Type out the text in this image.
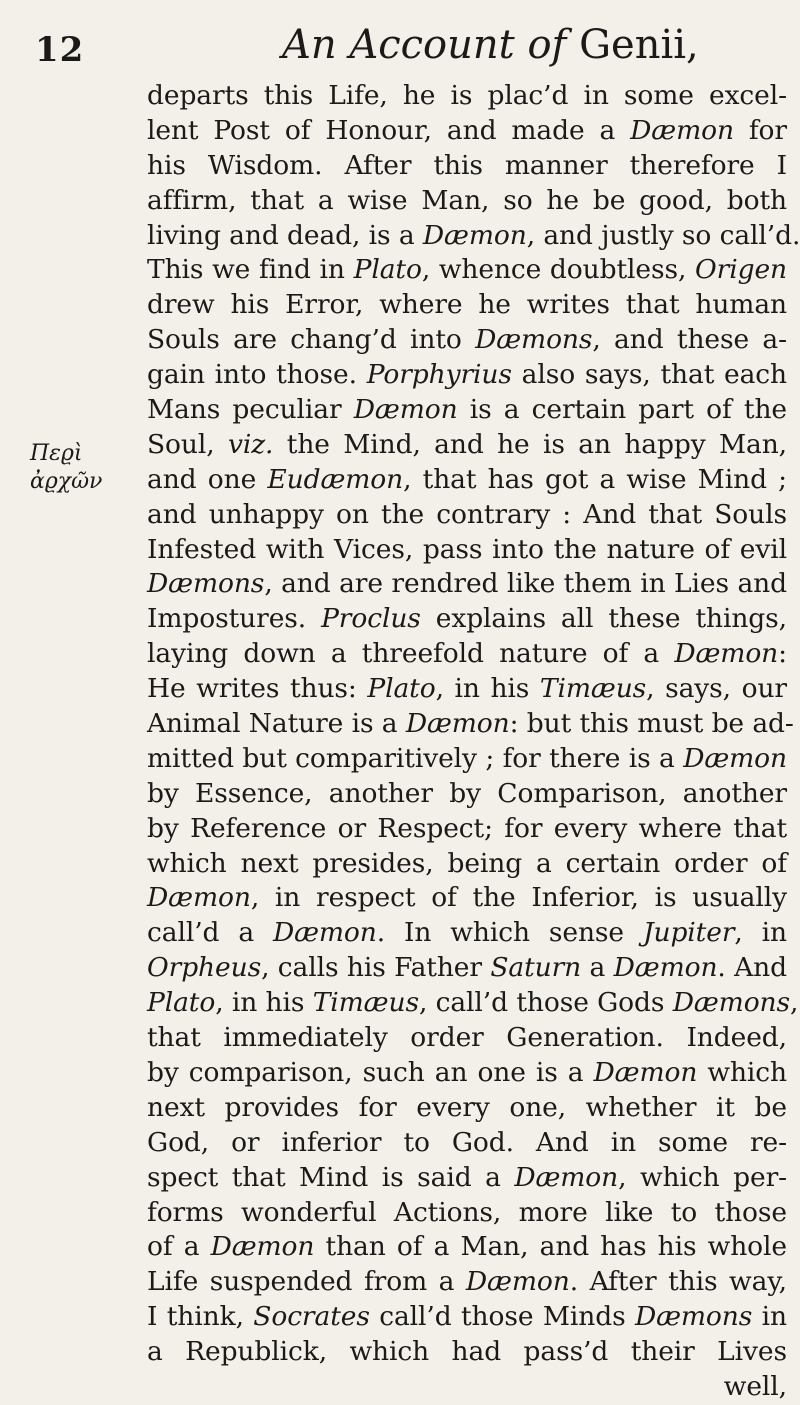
12	An Account of Genii,
Πεϱὶ
ἀϱχῶν
departs this Life, he is plac’d in some excel-
lent Post of Honour, and made a Dæmon for
his Wisdom. After this manner therefore I
affirm, that a wise Man, so he be good, both
living and dead, is a Dæmon, and justly so call’d.
This we find in Plato, whence doubtless, Origen
drew his Error, where he writes that human
Souls are chang’d into Dæmons, and these a-
gain into those. Porphyrius also says, that each
Mans peculiar Dæmon is a certain part of the
Soul, viz. the Mind, and he is an happy Man,
and one Eudæmon, that has got a wise Mind ;
and unhappy on the contrary : And that Souls
Infested with Vices, pass into the nature of evil
Dæmons, and are rendred like them in Lies and
Impostures. Proclus explains all these things,
laying down a threefold nature of a Dæmon:
He writes thus: Plato, in his Timæus, says, our
Animal Nature is a Dæmon: but this must be ad-
mitted but comparitively ; for there is a Dæmon
by Essence, another by Comparison, another
by Reference or Respect; for every where that
which next presides, being a certain order of
Dæmon, in respect of the Inferior, is usually
call’d a Dæmon. In which sense Jupiter, in
Orpheus, calls his Father Saturn a Dæmon. And
Plato, in his Timæus, call’d those Gods Dæmons,
that immediately order Generation. Indeed,
by comparison, such an one is a Dæmon which
next provides for every one, whether it be
God, or inferior to God. And in some re-
spect that Mind is said a Dæmon, which per-
forms wonderful Actions, more like to those
of a Dæmon than of a Man, and has his whole
Life suspended from a Dæmon. After this way,
I think, Socrates call’d those Minds Dæmons in
a Republick, which had pass’d their Lives
well,
